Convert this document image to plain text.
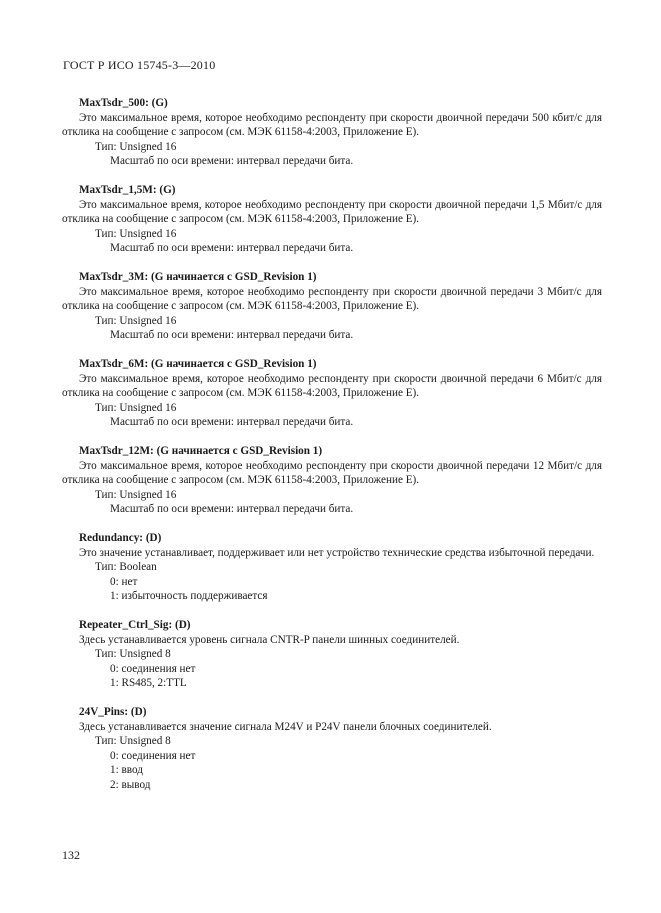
ГОСТ Р ИСО 15745-3—2010
MaxTsdr_500: (G)
Это максимальное время, которое необходимо респонденту при скорости двоичной передачи 500 кбит/с для отклика на сообщение с запросом (см. МЭК 61158-4:2003, Приложение Е).
Тип: Unsigned 16
Масштаб по оси времени: интервал передачи бита.
MaxTsdr_1,5M: (G)
Это максимальное время, которое необходимо респонденту при скорости двоичной передачи 1,5 Мбит/с для отклика на сообщение с запросом (см. МЭК 61158-4:2003, Приложение Е).
Тип: Unsigned 16
Масштаб по оси времени: интервал передачи бита.
MaxTsdr_3M: (G начинается с GSD_Revision 1)
Это максимальное время, которое необходимо респонденту при скорости двоичной передачи 3 Мбит/с для отклика на сообщение с запросом (см. МЭК 61158-4:2003, Приложение Е).
Тип: Unsigned 16
Масштаб по оси времени: интервал передачи бита.
MaxTsdr_6M: (G начинается с GSD_Revision 1)
Это максимальное время, которое необходимо респонденту при скорости двоичной передачи 6 Мбит/с для отклика на сообщение с запросом (см. МЭК 61158-4:2003, Приложение Е).
Тип: Unsigned 16
Масштаб по оси времени: интервал передачи бита.
MaxTsdr_12M: (G начинается с GSD_Revision 1)
Это максимальное время, которое необходимо респонденту при скорости двоичной передачи 12 Мбит/с для отклика на сообщение с запросом (см. МЭК 61158-4:2003, Приложение Е).
Тип: Unsigned 16
Масштаб по оси времени: интервал передачи бита.
Redundancy: (D)
Это значение устанавливает, поддерживает или нет устройство технические средства избыточной передачи.
Тип: Boolean
0: нет
1: избыточность поддерживается
Repeater_Ctrl_Sig: (D)
Здесь устанавливается уровень сигнала CNTR-P панели шинных соединителей.
Тип: Unsigned 8
0: соединения нет
1: RS485, 2:TTL
24V_Pins: (D)
Здесь устанавливается значение сигнала M24V и P24V панели блочных соединителей.
Тип: Unsigned 8
0: соединения нет
1: ввод
2: вывод
132
